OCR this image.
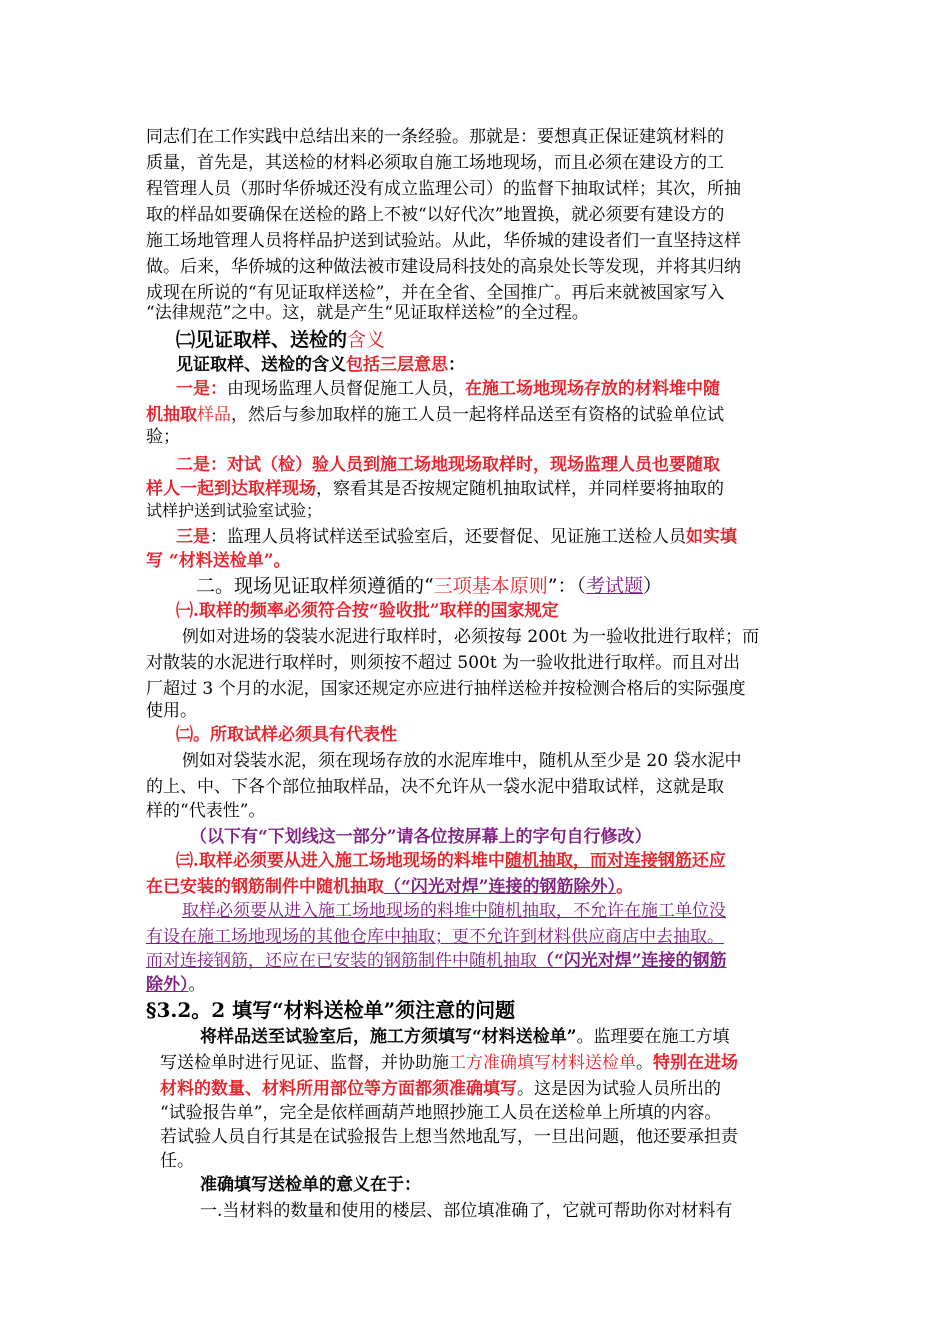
同志们在工作实践中总结出来的一条经验。那就是：要想真正保证建筑材料的
质量，首先是，其送检的材料必须取自施工场地现场，而且必须在建设方的工
程管理人员（那时华侨城还没有成立监理公司）的监督下抽取试样；其次，所抽
取的样品如要确保在送检的路上不被“以好代次”地置换，就必须要有建设方的
施工场地管理人员将样品护送到试验站。从此，华侨城的建设者们一直坚持这样
做。后来，华侨城的这种做法被市建设局科技处的高泉处长等发现，并将其归纳
成现在所说的“有见证取样送检”，并在全省、全国推广。再后来就被国家写入
“法律规范”之中。这，就是产生“见证取样送检”的全过程。
㈡见证取样、送检的含义
见证取样、送检的含义包括三层意思：
一是：由现场监理人员督促施工人员，在施工场地现场存放的材料堆中随
机抽取样品，然后与参加取样的施工人员一起将样品送至有资格的试验单位试
验；
二是：对试（检）验人员到施工场地现场取样时，现场监理人员也要随取
样人一起到达取样现场，察看其是否按规定随机抽取试样，并同样要将抽取的
试样护送到试验室试验；
三是：监理人员将试样送至试验室后，还要督促、见证施工送检人员如实填
写 “材料送检单”。
二。现场见证取样须遵循的“三项基本原则”：（考试题）
㈠.取样的频率必须符合按“验收批”取样的国家规定
例如对进场的袋装水泥进行取样时，必须按每 200t 为一验收批进行取样；而
对散装的水泥进行取样时，则须按不超过 500t 为一验收批进行取样。而且对出
厂超过 3 个月的水泥，国家还规定亦应进行抽样送检并按检测合格后的实际强度
使用。
㈡。所取试样必须具有代表性
例如对袋装水泥，须在现场存放的水泥库堆中，随机从至少是 20 袋水泥中
的上、中、下各个部位抽取样品，决不允许从一袋水泥中猎取试样，这就是取
样的“代表性”。
（以下有“下划线这一部分”请各位按屏幕上的字句自行修改）
㈢.取样必须要从进入施工场地现场的料堆中随机抽取，而对连接钢筋还应
在已安装的钢筋制件中随机抽取（“闪光对焊”连接的钢筋除外）。
取样必须要从进入施工场地现场的料堆中随机抽取，不允许在施工单位没
有设在施工场地现场的其他仓库中抽取；更不允许到材料供应商店中去抽取。
而对连接钢筋，还应在已安装的钢筋制件中随机抽取（“闪光对焊”连接的钢筋
除外）。
§3.2。2 填写“材料送检单”须注意的问题
将样品送至试验室后，施工方须填写“材料送检单”。监理要在施工方填
写送检单时进行见证、监督，并协助施工方准确填写材料送检单。特别在进场
材料的数量、材料所用部位等方面都须准确填写。这是因为试验人员所出的
“试验报告单”，完全是依样画葫芦地照抄施工人员在送检单上所填的内容。
若试验人员自行其是在试验报告上想当然地乱写，一旦出问题，他还要承担责
任。
准确填写送检单的意义在于：
一.当材料的数量和使用的楼层、部位填准确了，它就可帮助你对材料有
